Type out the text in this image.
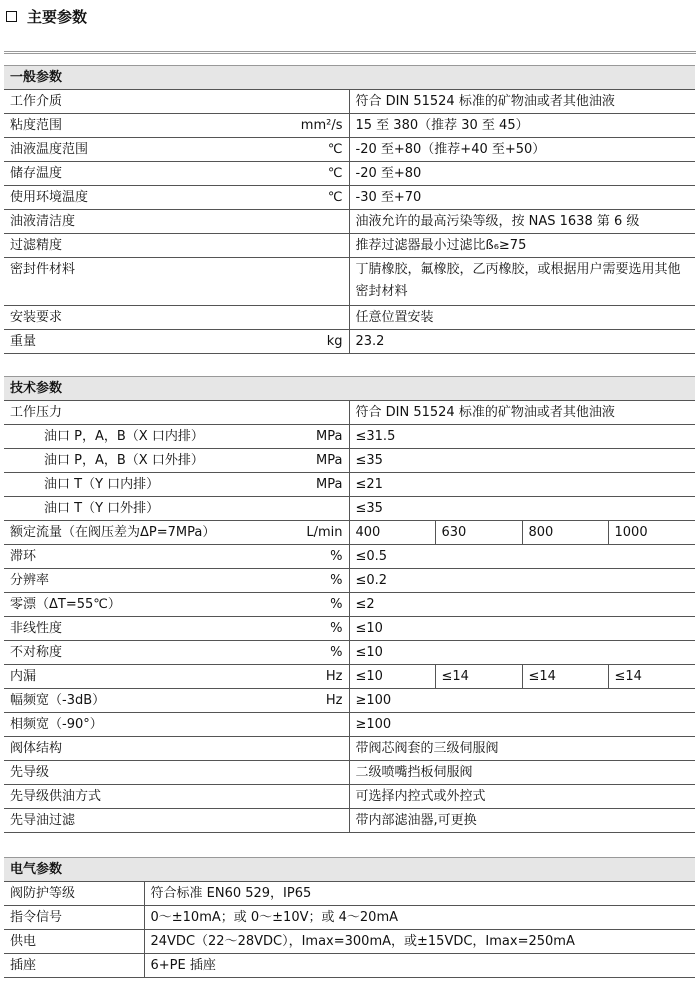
主要参数
一般参数		
工作介质		符合 DIN 51524 标准的矿物油或者其他油液
粘度范围	mm²/s	15 至 380（推荐 30 至 45）
油液温度范围	℃	-20 至+80（推荐+40 至+50）
储存温度	℃	-20 至+80
使用环境温度	℃	-30 至+70
油液清洁度		油液允许的最高污染等级，按 NAS 1638 第 6 级
过滤精度		推荐过滤器最小过滤比ß₆≥75
密封件材料		丁腈橡胶，氟橡胶，乙丙橡胶，或根据用户需要选用其他密封材料
安装要求		任意位置安装
重量	kg	23.2
技术参数					
工作压力		符合 DIN 51524 标准的矿物油或者其他油液			
油口 P，A，B（X 口内排）	MPa	≤31.5			
油口 P，A，B（X 口外排）	MPa	≤35			
油口 T（Y 口内排）	MPa	≤21			
油口 T（Y 口外排）		≤35			
额定流量（在阀压差为ΔP=7MPa）	L/min	400	630	800	1000
滞环	%	≤0.5			
分辨率	%	≤0.2			
零漂（ΔT=55℃）	%	≤2			
非线性度	%	≤10			
不对称度	%	≤10			
内漏	Hz	≤10	≤14	≤14	≤14
幅频宽（-3dB）	Hz	≥100			
相频宽（-90°）		≥100			
阀体结构		带阀芯阀套的三级伺服阀			
先导级		二级喷嘴挡板伺服阀			
先导级供油方式		可选择内控式或外控式			
先导油过滤		带内部滤油器,可更换			
电气参数	
阀防护等级	符合标准 EN60 529，IP65
指令信号	0～±10mA；或 0～±10V；或 4～20mA
供电	24VDC（22～28VDC），Imax=300mA，或±15VDC，Imax=250mA
插座	6+PE 插座
